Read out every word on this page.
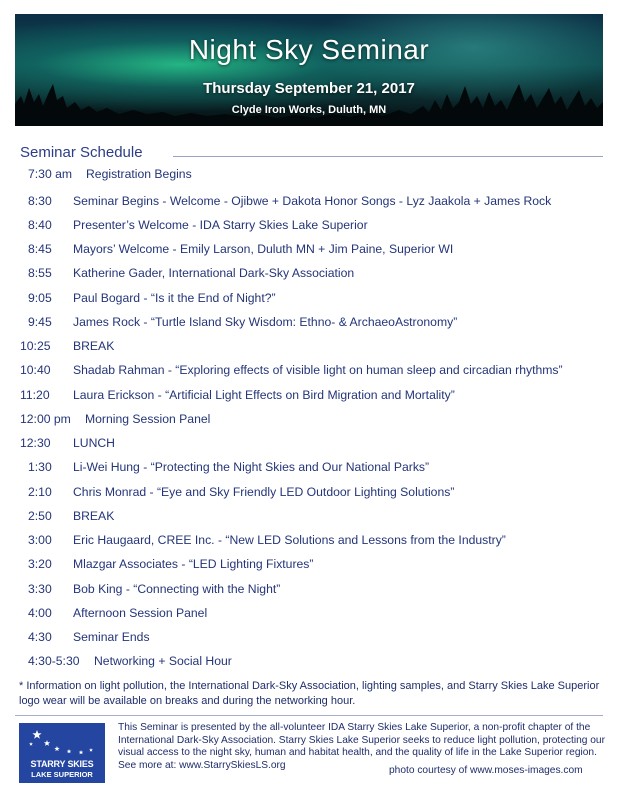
Night Sky Seminar
Thursday September 21, 2017
Clyde Iron Works, Duluth, MN
Seminar Schedule
7:30 am Registration Begins
8:30 Seminar Begins - Welcome - Ojibwe + Dakota Honor Songs - Lyz Jaakola + James Rock
8:40 Presenter’s Welcome - IDA Starry Skies Lake Superior
8:45 Mayors’ Welcome - Emily Larson, Duluth MN + Jim Paine, Superior WI
8:55 Katherine Gader, International Dark-Sky Association
9:05 Paul Bogard - “Is it the End of Night?”
9:45 James Rock - “Turtle Island Sky Wisdom: Ethno- & ArchaeoAstronomy”
10:25 BREAK
10:40 Shadab Rahman - “Exploring effects of visible light on human sleep and circadian rhythms”
11:20 Laura Erickson - “Artificial Light Effects on Bird Migration and Mortality”
12:00 pm Morning Session Panel
12:30 LUNCH
1:30 Li-Wei Hung - “Protecting the Night Skies and Our National Parks”
2:10 Chris Monrad - “Eye and Sky Friendly LED Outdoor Lighting Solutions”
2:50 BREAK
3:00 Eric Haugaard, CREE Inc. - “New LED Solutions and Lessons from the Industry”
3:20 Mlazgar Associates - “LED Lighting Fixtures”
3:30 Bob King - “Connecting with the Night”
4:00 Afternoon Session Panel
4:30 Seminar Ends
4:30-5:30 Networking + Social Hour
* Information on light pollution, the International Dark-Sky Association, lighting samples, and Starry Skies Lake Superior logo wear will be available on breaks and during the networking hour.
STARRY SKIES
LAKE SUPERIOR
This Seminar is presented by the all-volunteer IDA Starry Skies Lake Superior, a non-profit chapter of the International Dark-Sky Association. Starry Skies Lake Superior seeks to reduce light pollution, protecting our visual access to the night sky, human and habitat health, and the quality of life in the Lake Superior region. See more at: www.StarrySkiesLS.org	photo courtesy of www.moses-images.com
